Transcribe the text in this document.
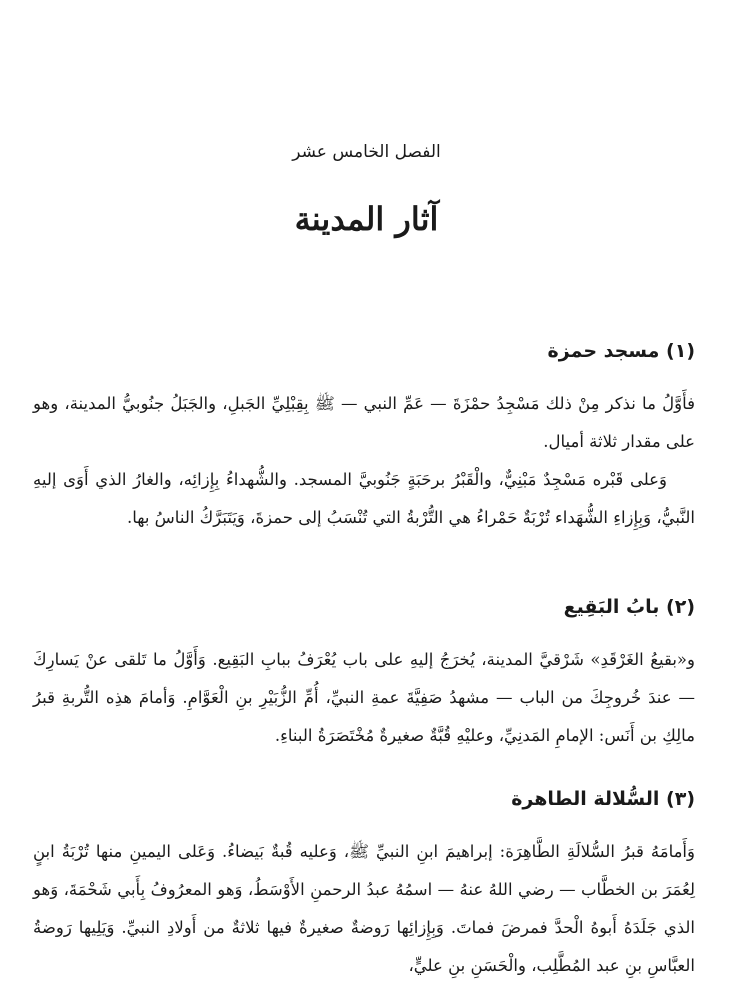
الفصل الخامس عشر
آثار المدينة
(١) مسجد حمزة
فأَوَّلُ ما نذكر مِنْ ذلك مَسْجِدُ حمْزَةَ — عَمِّ النبي — ﷺ بِقِبْلِيِّ الجَبلِ، والجَبَلُ جنُوبيُّ المدينة، وهو على مقدار ثلاثة أميال.
وَعلى قَبْره مَسْجِدٌ مَبْنِيٌّ، والْقَبْرُ برحَبَةٍ جَنُوبيَّ المسجد. والشُّهداءُ بِإِزائِه، والغارُ الذي أَوَى إليهِ النَّبيُّ، وَبِإِزاءِ الشُّهَداء تُرْبَةٌ حَمْراءُ هي التُّرْبةُ التي تُنْسَبُ إلى حمزةَ، وَيَتَبَرَّكُ الناسُ بها.
(٢) بابُ البَقِيع
و«بقيعُ الغَرْقَدِ» شَرْقيَّ المدينة، يُخرَجُ إليهِ على باب يُعْرَفُ ببابِ البَقِيع. وَأَوَّلُ ما تَلقى عنْ يَسارِكَ — عندَ خُروجِكَ من الباب — مشهدُ صَفِيَّةَ عمةِ النبيِّ، أُمِّ الزُّبَيْرِ بنِ الْعَوَّامِ. وَأمامَ هذِه التُّربةِ قبرُ مالِكِ بن أَنَس: الإمامِ المَدنِيِّ، وعليْهِ قُبَّةٌ صغيرةٌ مُخْتَصَرَةُ البناءِ.
(٣) السُّلالة الطاهرة
وَأَمامَهُ قبرُ السُّلالَةِ الطَّاهِرَة: إبراهيمَ ابنِ النبيِّ ﷺ، وَعليه قُبةٌ بَيضاءُ. وَعَلى اليمينِ منها تُرْبَةُ ابنٍ لِعُمَرَ بن الخطَّاب — رضي اللهُ عنهُ — اسمُهُ عبدُ الرحمنِ الأَوْسَطُ، وَهو المعرُوفُ بِأَبي شَحْمَةَ، وَهو الذي جَلَدَهُ أَبوهُ الْحدَّ فمرضَ فماتَ. وَبِإِزائِها رَوضةٌ صغيرةٌ فيها ثلاثةٌ من أَولادِ النبيِّ. وَيَلِيها رَوضةُ العبَّاسِ بنِ عبد المُطَّلِب، والْحَسَنِ بنِ عليٍّ،
